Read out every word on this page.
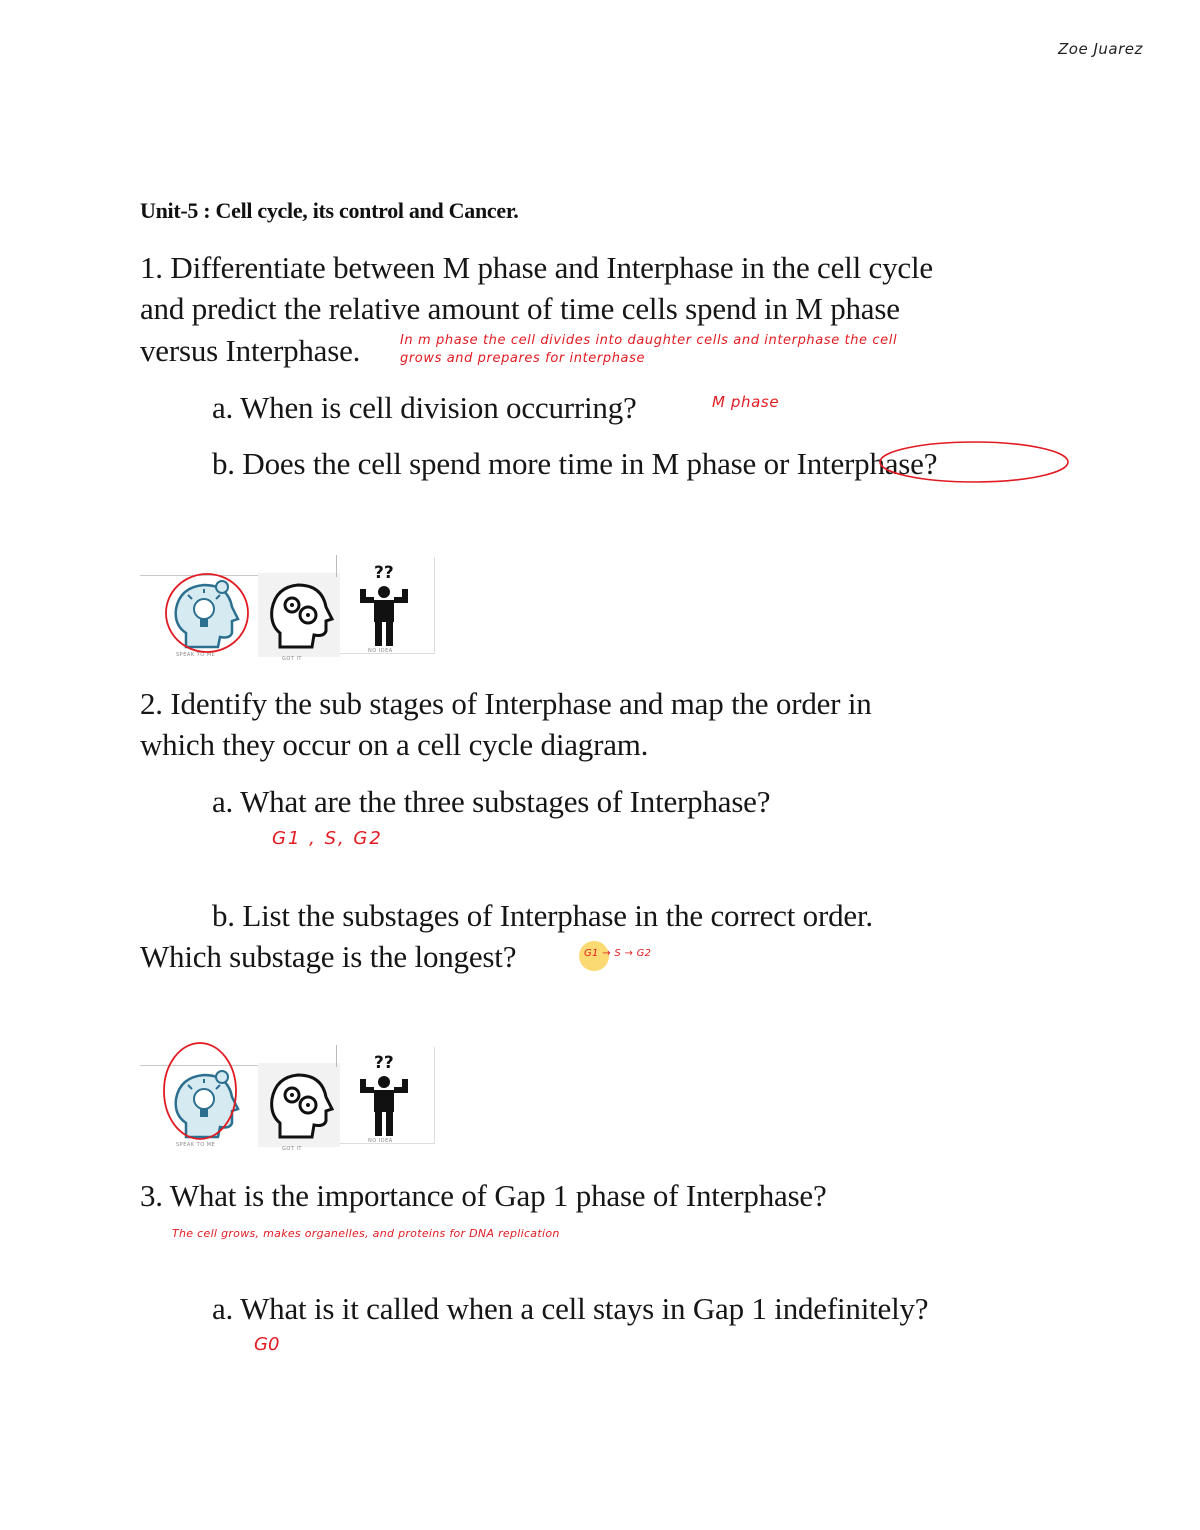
Zoe Juarez
Unit-5 : Cell cycle, its control and Cancer.
1. Differentiate between M phase and Interphase in the cell cycle
and predict the relative amount of time cells spend in M phase
versus Interphase.	In m phase the cell divides into daughter cells and interphase the cell
grows and prepares for interphase
a. When is cell division occurring?	M phase
b. Does the cell spend more time in M phase or Interphase?
??
SPEAK TO ME
GOT IT
NO IDEA
2. Identify the sub stages of Interphase and map the order in
which they occur on a cell cycle diagram.
a. What are the three substages of Interphase?
G1 , S, G2
b. List the substages of Interphase in the correct order.
Which substage is the longest?	G1 → S → G2
??
SPEAK TO ME
GOT IT
NO IDEA
3. What is the importance of Gap 1 phase of Interphase?
The cell grows, makes organelles, and proteins for DNA replication
a. What is it called when a cell stays in Gap 1 indefinitely?
G0
